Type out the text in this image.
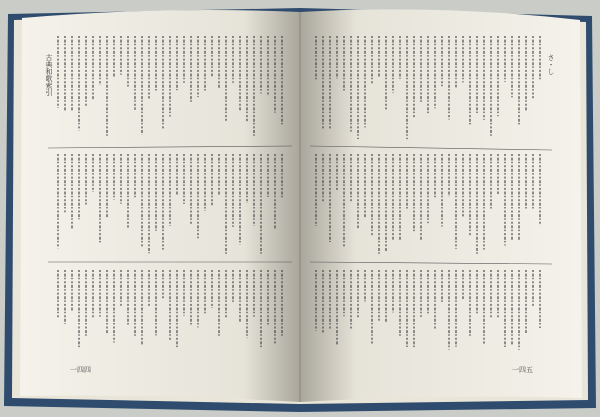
古典和歌索引	さ・し
一四四	一四五
